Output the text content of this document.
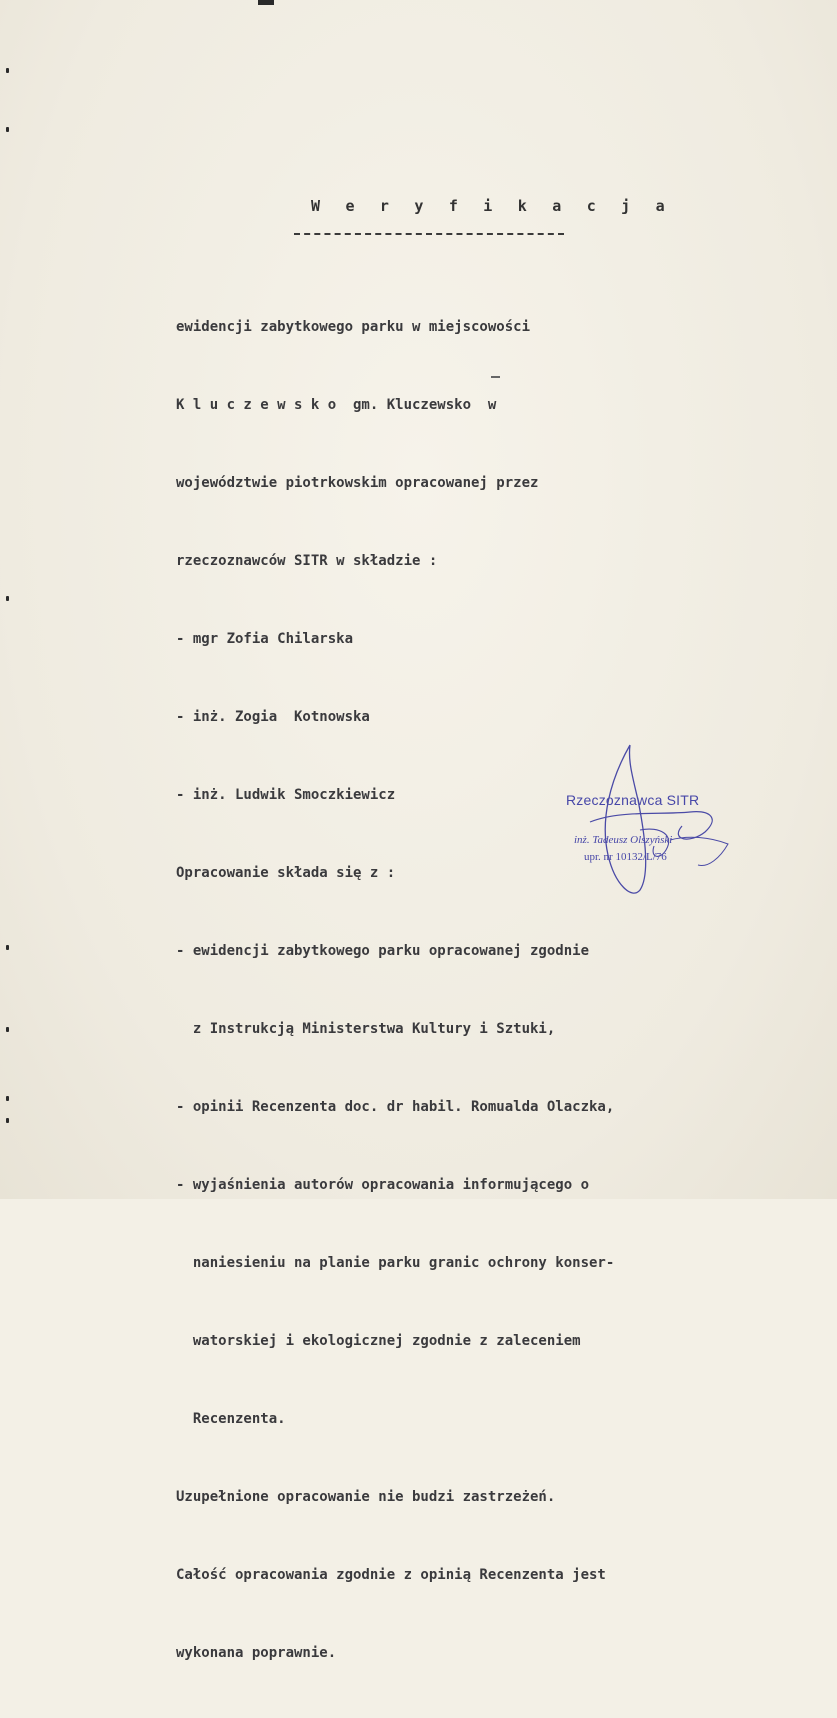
W e r y f i k a c j a

ewidencji zabytkowego parku w miejscowości

K l u c z e w s k o  gm. Kluczewsko  w

województwie piotrkowskim opracowanej przez

rzeczoznawców SITR w składzie :

- mgr Zofia Chilarska

- inż. Zogia  Kotnowska

- inż. Ludwik Smoczkiewicz

Opracowanie składa się z :

- ewidencji zabytkowego parku opracowanej zgodnie

z Instrukcją Ministerstwa Kultury i Sztuki,

- opinii Recenzenta doc. dr habil. Romualda Olaczka,

- wyjaśnienia autorów opracowania informującego o

naniesieniu na planie parku granic ochrony konser-

watorskiej i ekologicznej zgodnie z zaleceniem

Recenzenta.

Uzupełnione opracowanie nie budzi zastrzeżeń.

Całość opracowania zgodnie z opinią Recenzenta jest

wykonana poprawnie.

Rzeczoznawca SITR
inż. Tadeusz Olszyński
upr. nr 10132/L/76
